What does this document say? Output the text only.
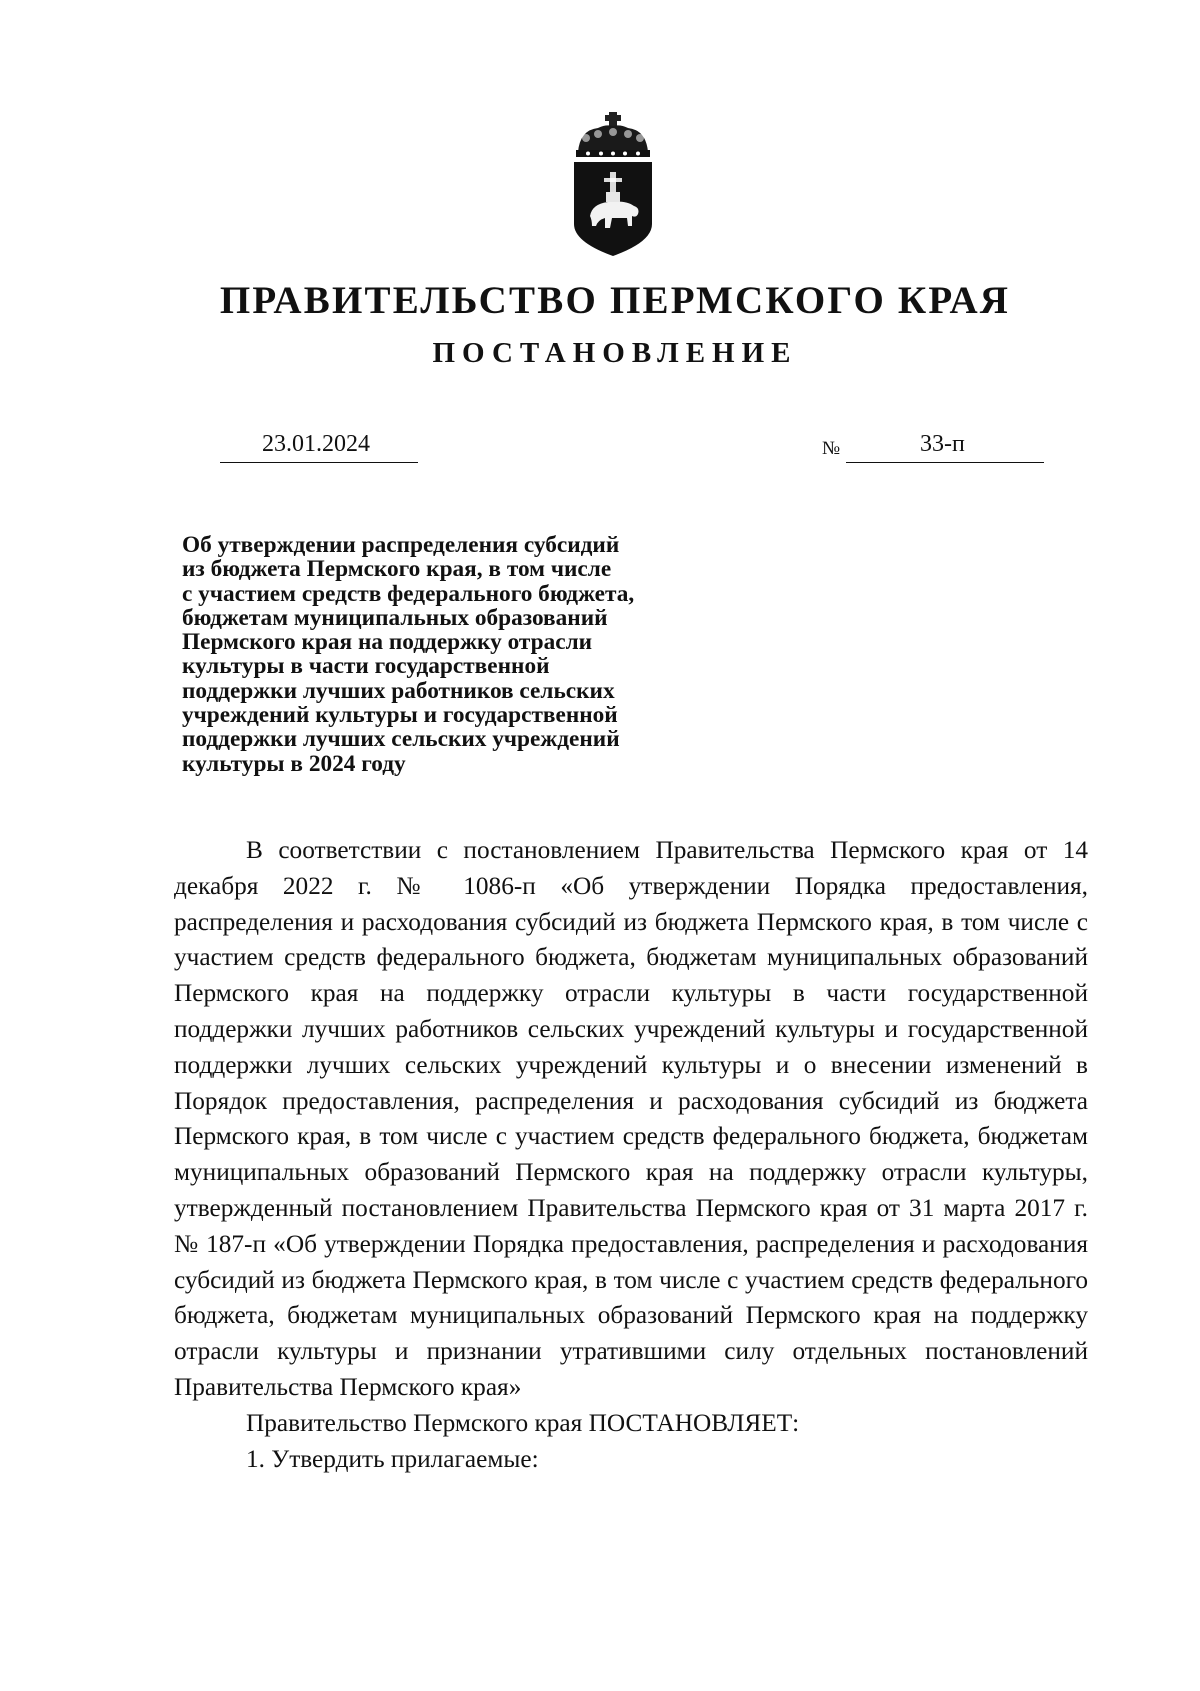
ПРАВИТЕЛЬСТВО ПЕРМСКОГО КРАЯ
ПОСТАНОВЛЕНИЕ
23.01.2024	№	33-п

Об утверждении распределения субсидий
из бюджета Пермского края, в том числе
с участием средств федерального бюджета,
бюджетам муниципальных образований
Пермского края на поддержку отрасли
культуры в части государственной
поддержки лучших работников сельских
учреждений культуры и государственной
поддержки лучших сельских учреждений
культуры в 2024 году

В соответствии с постановлением Правительства Пермского края от 14 декабря 2022 г. № 1086-п «Об утверждении Порядка предоставления, распределения и расходования субсидий из бюджета Пермского края, в том числе с участием средств федерального бюджета, бюджетам муниципальных образований Пермского края на поддержку отрасли культуры в части государственной поддержки лучших работников сельских учреждений культуры и государственной поддержки лучших сельских учреждений культуры и о внесении изменений в Порядок предоставления, распределения и расходования субсидий из бюджета Пермского края, в том числе с участием средств федерального бюджета, бюджетам муниципальных образований Пермского края на поддержку отрасли культуры, утвержденный постановлением Правительства Пермского края от 31 марта 2017 г. № 187-п «Об утверждении Порядка предоставления, распределения и расходования субсидий из бюджета Пермского края, в том числе с участием средств федерального бюджета, бюджетам муниципальных образований Пермского края на поддержку отрасли культуры и признании утратившими силу отдельных постановлений Правительства Пермского края»

Правительство Пермского края ПОСТАНОВЛЯЕТ:

1. Утвердить прилагаемые:
